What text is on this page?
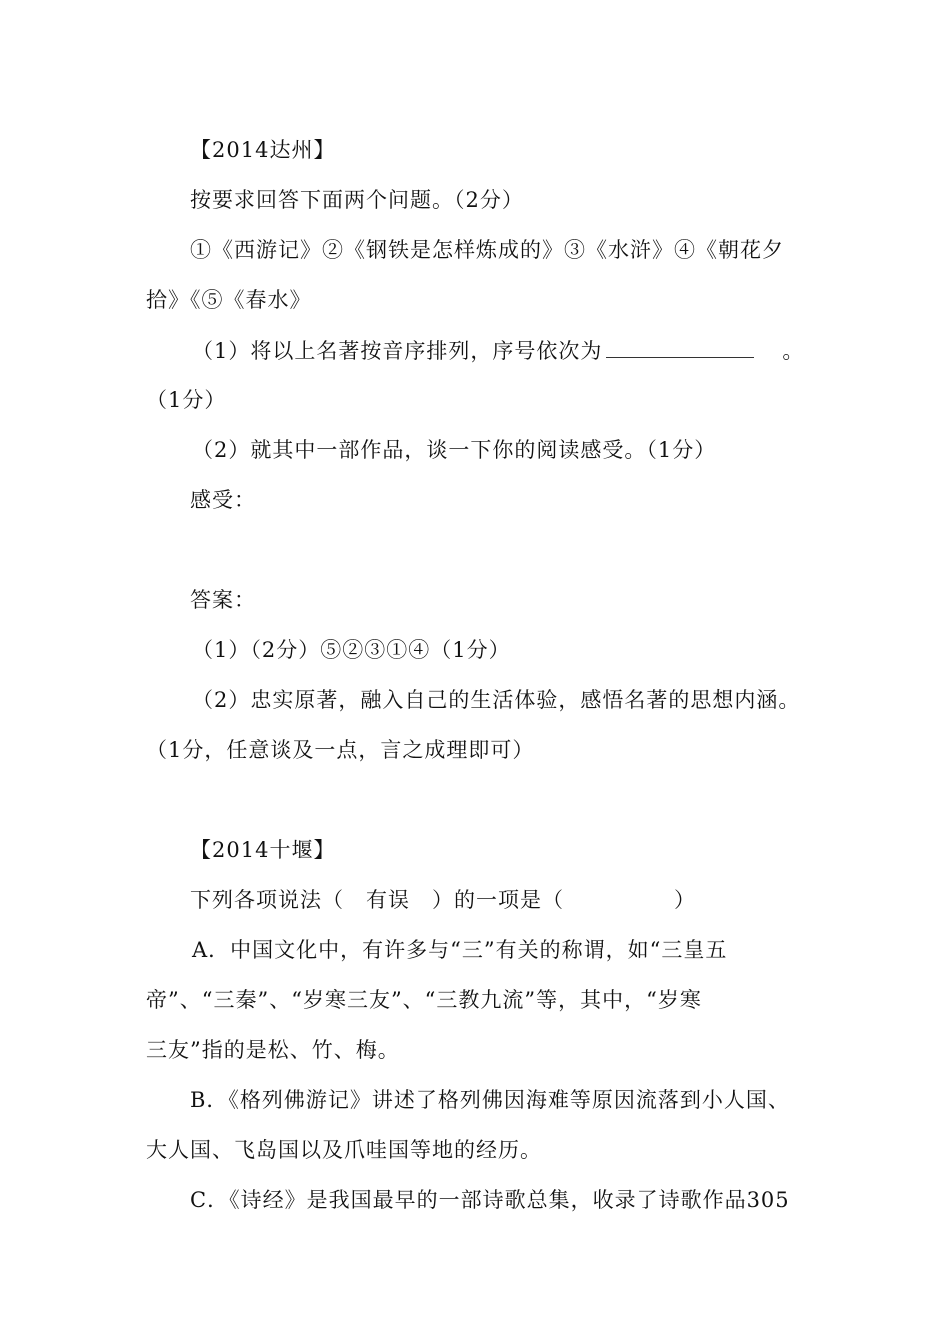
【2014达州】
按要求回答下面两个问题。（2分）
①《西游记》②《钢铁是怎样炼成的》③《水浒》④《朝花夕
拾》《⑤《春水》
（1）将以上名著按音序排列，序号依次为	。
（1分）
（2）就其中一部作品，谈一下你的阅读感受。（1分）
感受：
答案：
（1）（2分）⑤②③①④（1分）
（2）忠实原著，融入自己的生活体验，感悟名著的思想内涵。
（1分，任意谈及一点，言之成理即可）
【2014十堰】
下列各项说法（　有误　）的一项是（　　　　　）
A．中国文化中，有许多与“三”有关的称谓，如“三皇五
帝”、“三秦”、“岁寒三友”、“三教九流”等，其中，“岁寒
三友”指的是松、竹、梅。
B．《格列佛游记》讲述了格列佛因海难等原因流落到小人国、
大人国、飞岛国以及爪哇国等地的经历。
C．《诗经》是我国最早的一部诗歌总集，收录了诗歌作品305
